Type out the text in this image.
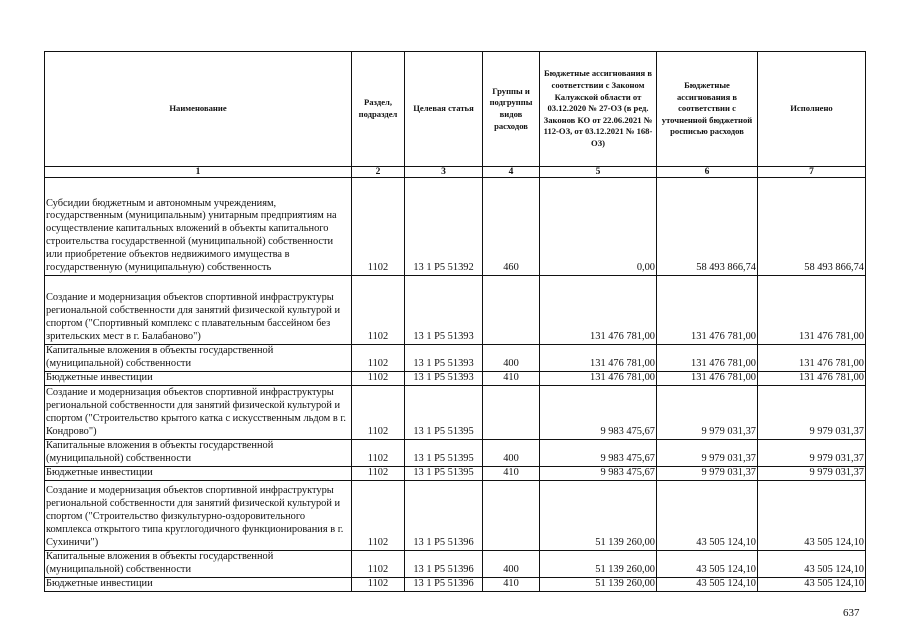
Наименование	Раздел, подраздел	Целевая статья	Группы и подгруппы видов расходов	Бюджетные ассигнования в соответствии с Законом Калужской области от 03.12.2020 № 27-ОЗ (в ред. Законов КО от 22.06.2021 № 112-ОЗ, от 03.12.2021 № 168-ОЗ)	Бюджетные ассигнования в соответствии с уточненной бюджетной росписью расходов	Исполнено
1	2	3	4	5	6	7
Субсидии бюджетным и автономным учреждениям, государственным (муниципальным) унитарным предприятиям на осуществление капитальных вложений в объекты капитального строительства государственной (муниципальной) собственности или приобретение объектов недвижимого имущества в государственную (муниципальную) собственность	1102	13 1 P5 51392	460	0,00	58 493 866,74	58 493 866,74
Создание и модернизация объектов спортивной инфраструктуры региональной собственности для занятий физической культурой и спортом ("Спортивный комплекс с плавательным бассейном без зрительских мест в г. Балабаново")	1102	13 1 P5 51393		131 476 781,00	131 476 781,00	131 476 781,00
Капитальные вложения в объекты государственной (муниципальной) собственности	1102	13 1 P5 51393	400	131 476 781,00	131 476 781,00	131 476 781,00
Бюджетные инвестиции	1102	13 1 P5 51393	410	131 476 781,00	131 476 781,00	131 476 781,00
Создание и модернизация объектов спортивной инфраструктуры региональной собственности для занятий физической культурой и спортом ("Строительство крытого катка с искусственным льдом в г. Кондрово")	1102	13 1 P5 51395		9 983 475,67	9 979 031,37	9 979 031,37
Капитальные вложения в объекты государственной (муниципальной) собственности	1102	13 1 P5 51395	400	9 983 475,67	9 979 031,37	9 979 031,37
Бюджетные инвестиции	1102	13 1 P5 51395	410	9 983 475,67	9 979 031,37	9 979 031,37
Создание и модернизация объектов спортивной инфраструктуры региональной собственности для занятий физической культурой и спортом ("Строительство физкультурно-оздоровительного комплекса открытого типа круглогодичного функционирования в г. Сухиничи")	1102	13 1 P5 51396		51 139 260,00	43 505 124,10	43 505 124,10
Капитальные вложения в объекты государственной (муниципальной) собственности	1102	13 1 P5 51396	400	51 139 260,00	43 505 124,10	43 505 124,10
Бюджетные инвестиции	1102	13 1 P5 51396	410	51 139 260,00	43 505 124,10	43 505 124,10
637
